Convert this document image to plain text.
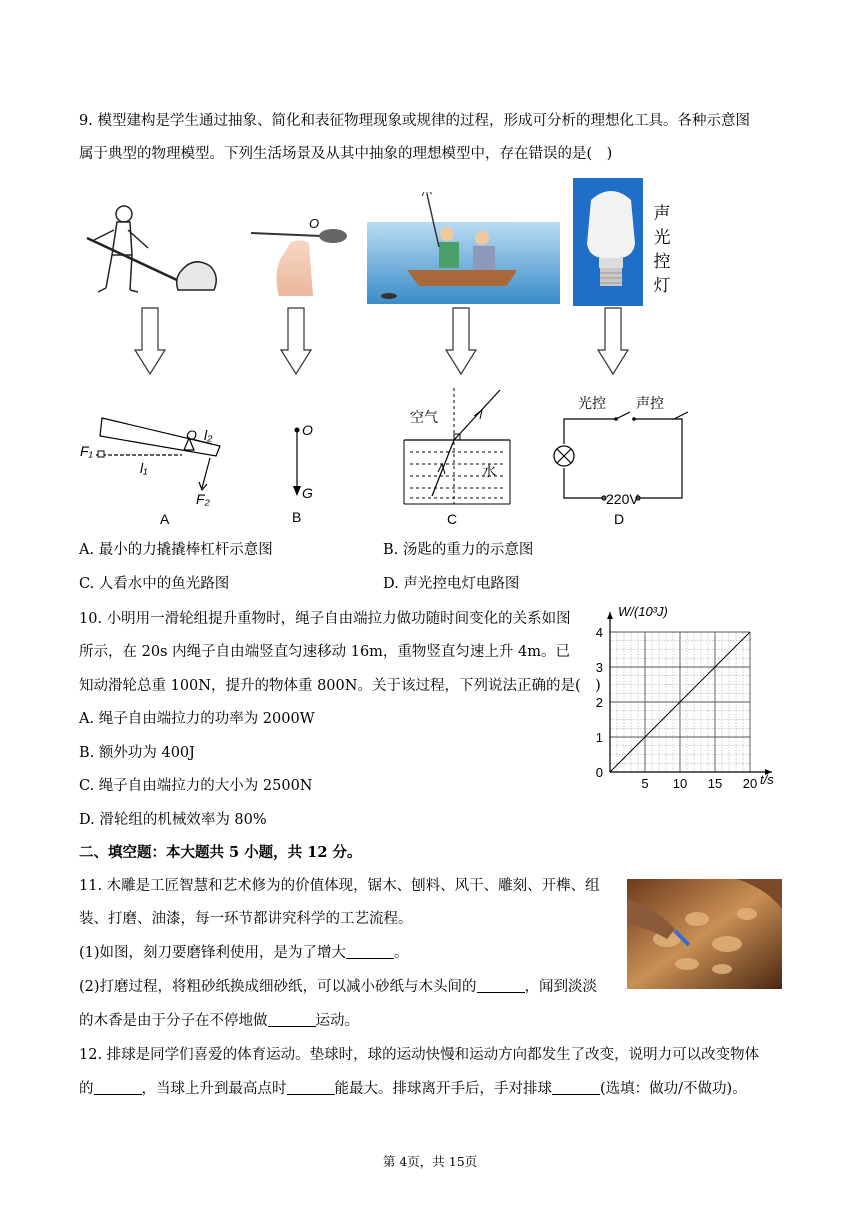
9. 模型建构是学生通过抽象、简化和表征物理现象或规律的过程，形成可分析的理想化工具。各种示意图
属于典型的物理模型。下列生活场景及从其中抽象的理想模型中，存在错误的是(　)
O	声
光
控
灯
F₁
O l₂
l₁
F₂
A
O
G
B
空气
水
C
光控 声控
220V
D
A. 最小的力撬撬棒杠杆示意图	B. 汤匙的重力的示意图
C. 人看水中的鱼光路图	D. 声光控电灯电路图
10. 小明用一滑轮组提升重物时，绳子自由端拉力做功随时间变化的关系如图
所示，在 20s 内绳子自由端竖直匀速移动 16m，重物竖直匀速上升 4m。已
知动滑轮总重 100N，提升的物体重 800N。关于该过程，下列说法正确的是(　)
A. 绳子自由端拉力的功率为 2000W
B. 额外功为 400J
C. 绳子自由端拉力的大小为 2500N
D. 滑轮组的机械效率为 80%
5 10 15 20
1
2
3
4
0
W/(10³J)
t/s
二、填空题：本大题共 5 小题，共 12 分。
11. 木雕是工匠智慧和艺术修为的价值体现，锯木、刨料、风干、雕刻、开榫、组
装、打磨、油漆，每一环节都讲究科学的工艺流程。
(1)如图，刻刀要磨锋利使用，是为了增大	。
(2)打磨过程，将粗砂纸换成细砂纸，可以减小砂纸与木头间的	，闻到淡淡
的木香是由于分子在不停地做	运动。
12. 排球是同学们喜爱的体育运动。垫球时，球的运动快慢和运动方向都发生了改变，说明力可以改变物体
的	，当球上升到最高点时	能最大。排球离开手后，手对排球	(选填：做功/不做功)。
第 4页，共 15页
